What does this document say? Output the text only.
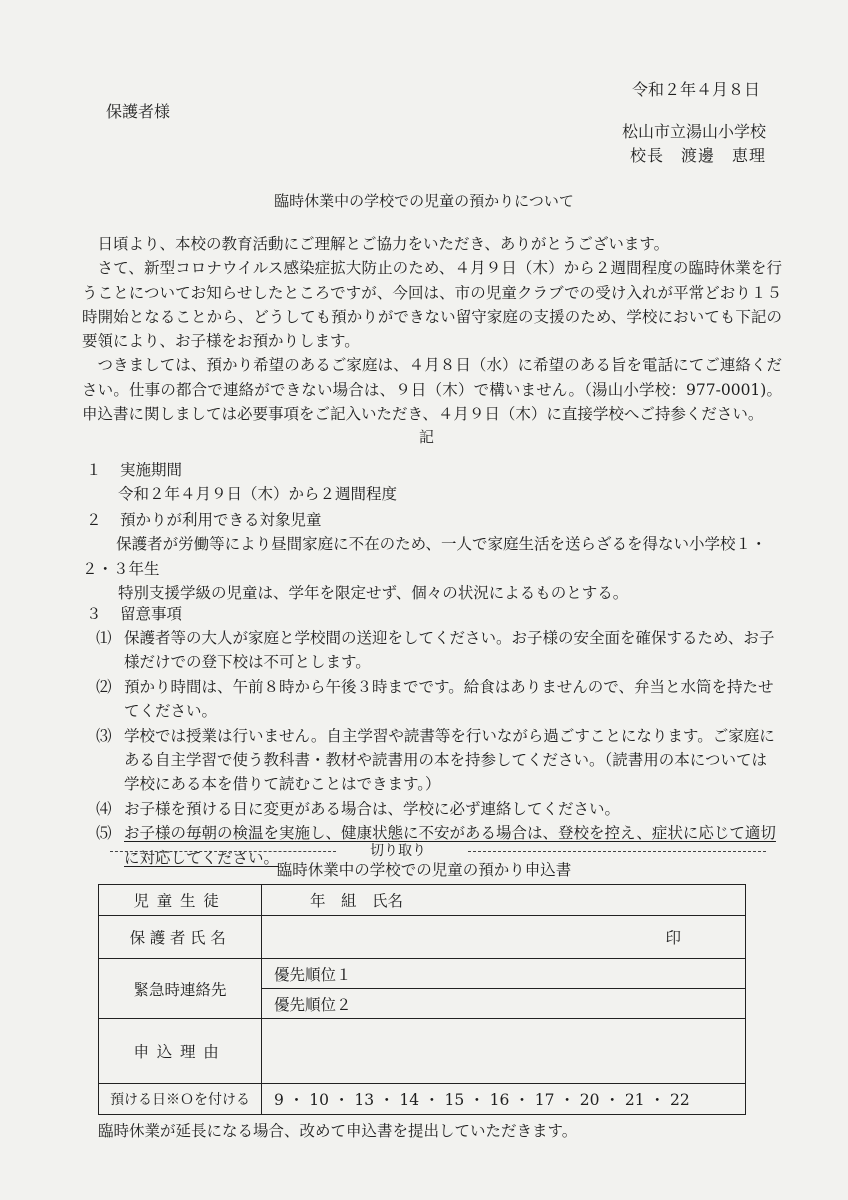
令和２年４月８日
保護者様
松山市立湯山小学校
校長　渡邊　恵理
臨時休業中の学校での児童の預かりについて

日頃より、本校の教育活動にご理解とご協力をいただき、ありがとうございます。

さて、新型コロナウイルス感染症拡大防止のため、４月９日（木）から２週間程度の臨時休業を行うことについてお知らせしたところですが、今回は、市の児童クラブでの受け入れが平常どおり１５時開始となることから、どうしても預かりができない留守家庭の支援のため、学校においても下記の要領により、お子様をお預かりします。

つきましては、預かり希望のあるご家庭は、４月８日（水）に希望のある旨を電話にてご連絡ください。仕事の都合で連絡ができない場合は、９日（木）で構いません。（湯山小学校：977-0001)。申込書に関しましては必要事項をご記入いただき、４月９日（木）に直接学校へご持参ください。

記
１ 実施期間
令和２年４月９日（木）から２週間程度
２ 預かりが利用できる対象児童
保護者が労働等により昼間家庭に不在のため、一人で家庭生活を送らざるを得ない小学校１・２・３年生
特別支援学級の児童は、学年を限定せず、個々の状況によるものとする。
３ 留意事項
⑴ 保護者等の大人が家庭と学校間の送迎をしてください。お子様の安全面を確保するため、お子様だけでの登下校は不可とします。
⑵ 預かり時間は、午前８時から午後３時までです。給食はありませんので、弁当と水筒を持たせてください。
⑶ 学校では授業は行いません。自主学習や読書等を行いながら過ごすことになります。ご家庭にある自主学習で使う教科書・教材や読書用の本を持参してください。（読書用の本については学校にある本を借りて読むことはできます。）
⑷ お子様を預ける日に変更がある場合は、学校に必ず連絡してください。
⑸ お子様の毎朝の検温を実施し、健康状態に不安がある場合は、登校を控え、症状に応じて適切に対応してください。	切り取り
臨時休業中の学校での児童の預かり申込書
児童生徒	年　組　氏名
保護者氏名	印

緊急時連絡先	優先順位１
	優先順位２
申込理由	
預ける日※Ｏを付ける	9 ・ 10 ・ 13 ・ 14 ・ 15 ・ 16 ・ 17 ・ 20 ・ 21 ・ 22
臨時休業が延長になる場合、改めて申込書を提出していただきます。
